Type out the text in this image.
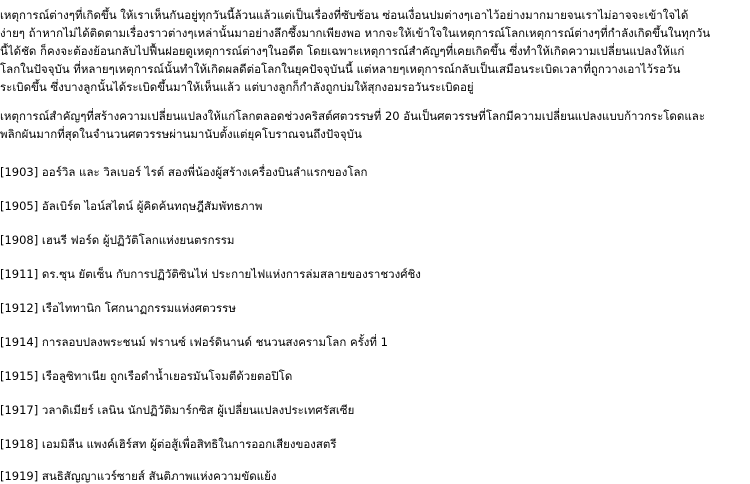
เหตุการณ์ต่างๆที่เกิดขึ้น ให้เราเห็นกันอยู่ทุกวันนี้ล้วนแล้วแต่เป็นเรื่องที่ซับซ้อน ซ่อนเงื่อนปมต่างๆเอาไว้อย่างมากมายจนเราไม่อาจจะเข้าใจได้
ง่ายๆ ถ้าหากไม่ได้ติดตามเรื่องราวต่างๆเหล่านั้นมาอย่างลึกซึ้งมากเพียงพอ หากจะให้เข้าใจในเหตุการณ์โลกเหตุการณ์ต่างๆที่กำลังเกิดขึ้นในทุกวัน
นี้ได้ชัด ก็คงจะต้องย้อนกลับไปฟื้นฝอยดูเหตุการณ์ต่างๆในอดีต โดยเฉพาะเหตุการณ์สำคัญๆที่เคยเกิดขึ้น ซึ่งทำให้เกิดความเปลี่ยนแปลงให้แก่
โลกในปัจจุบัน ที่หลายๆเหตุการณ์นั้นทำให้เกิดผลดีต่อโลกในยุคปัจจุบันนี้ แต่หลายๆเหตุการณ์กลับเป็นเสมือนระเบิดเวลาที่ถูกวางเอาไว้รอวัน
ระเบิดขึ้น ซึ่งบางลูกนั้นได้ระเบิดขึ้นมาให้เห็นแล้ว แต่บางลูกก็กำลังถูกบ่มให้สุกงอมรอวันระเบิดอยู่

เหตุการณ์สำคัญๆที่สร้างความเปลี่ยนแปลงให้แก่โลกตลอดช่วงคริสต์ศตวรรษที่ 20 อันเป็นศตวรรษที่โลกมีความเปลี่ยนแปลงแบบก้าวกระโดดและ
พลิกผันมากที่สุดในจำนวนศตวรรษผ่านมานับตั้งแต่ยุคโบราณจนถึงปัจจุบัน

[1903] ออร์วิล และ วิลเบอร์ ไรต์ สองพี่น้องผู้สร้างเครื่องบินลำแรกของโลก

[1905] อัลเบิร์ต ไอน์สไตน์ ผู้คิดค้นทฤษฎีสัมพัทธภาพ

[1908] เฮนรี ฟอร์ด ผู้ปฏิวัติโลกแห่งยนตรกรรม

[1911] ดร.ซุน ยัตเซ็น กับการปฏิวัติซินไห่ ประกายไฟแห่งการล่มสลายของราชวงศ์ชิง

[1912] เรือไททานิก โศกนาฏกรรมแห่งศตวรรษ

[1914] การลอบปลงพระชนม์ ฟรานซ์ เฟอร์ดินานด์ ชนวนสงครามโลก ครั้งที่ 1

[1915] เรือลูซิทาเนีย ถูกเรือดำน้ำเยอรมันโจมตีด้วยตอปิโด

[1917] วลาดิเมียร์ เลนิน นักปฏิวัติมาร์กซิส ผู้เปลี่ยนแปลงประเทศรัสเซีย

[1918] เอมมิลีน แพงค์เฮิร์สท ผู้ต่อสู้เพื่อสิทธิในการออกเสียงของสตรี

[1919] สนธิสัญญาแวร์ซายส์ สันติภาพแห่งความขัดแย้ง
